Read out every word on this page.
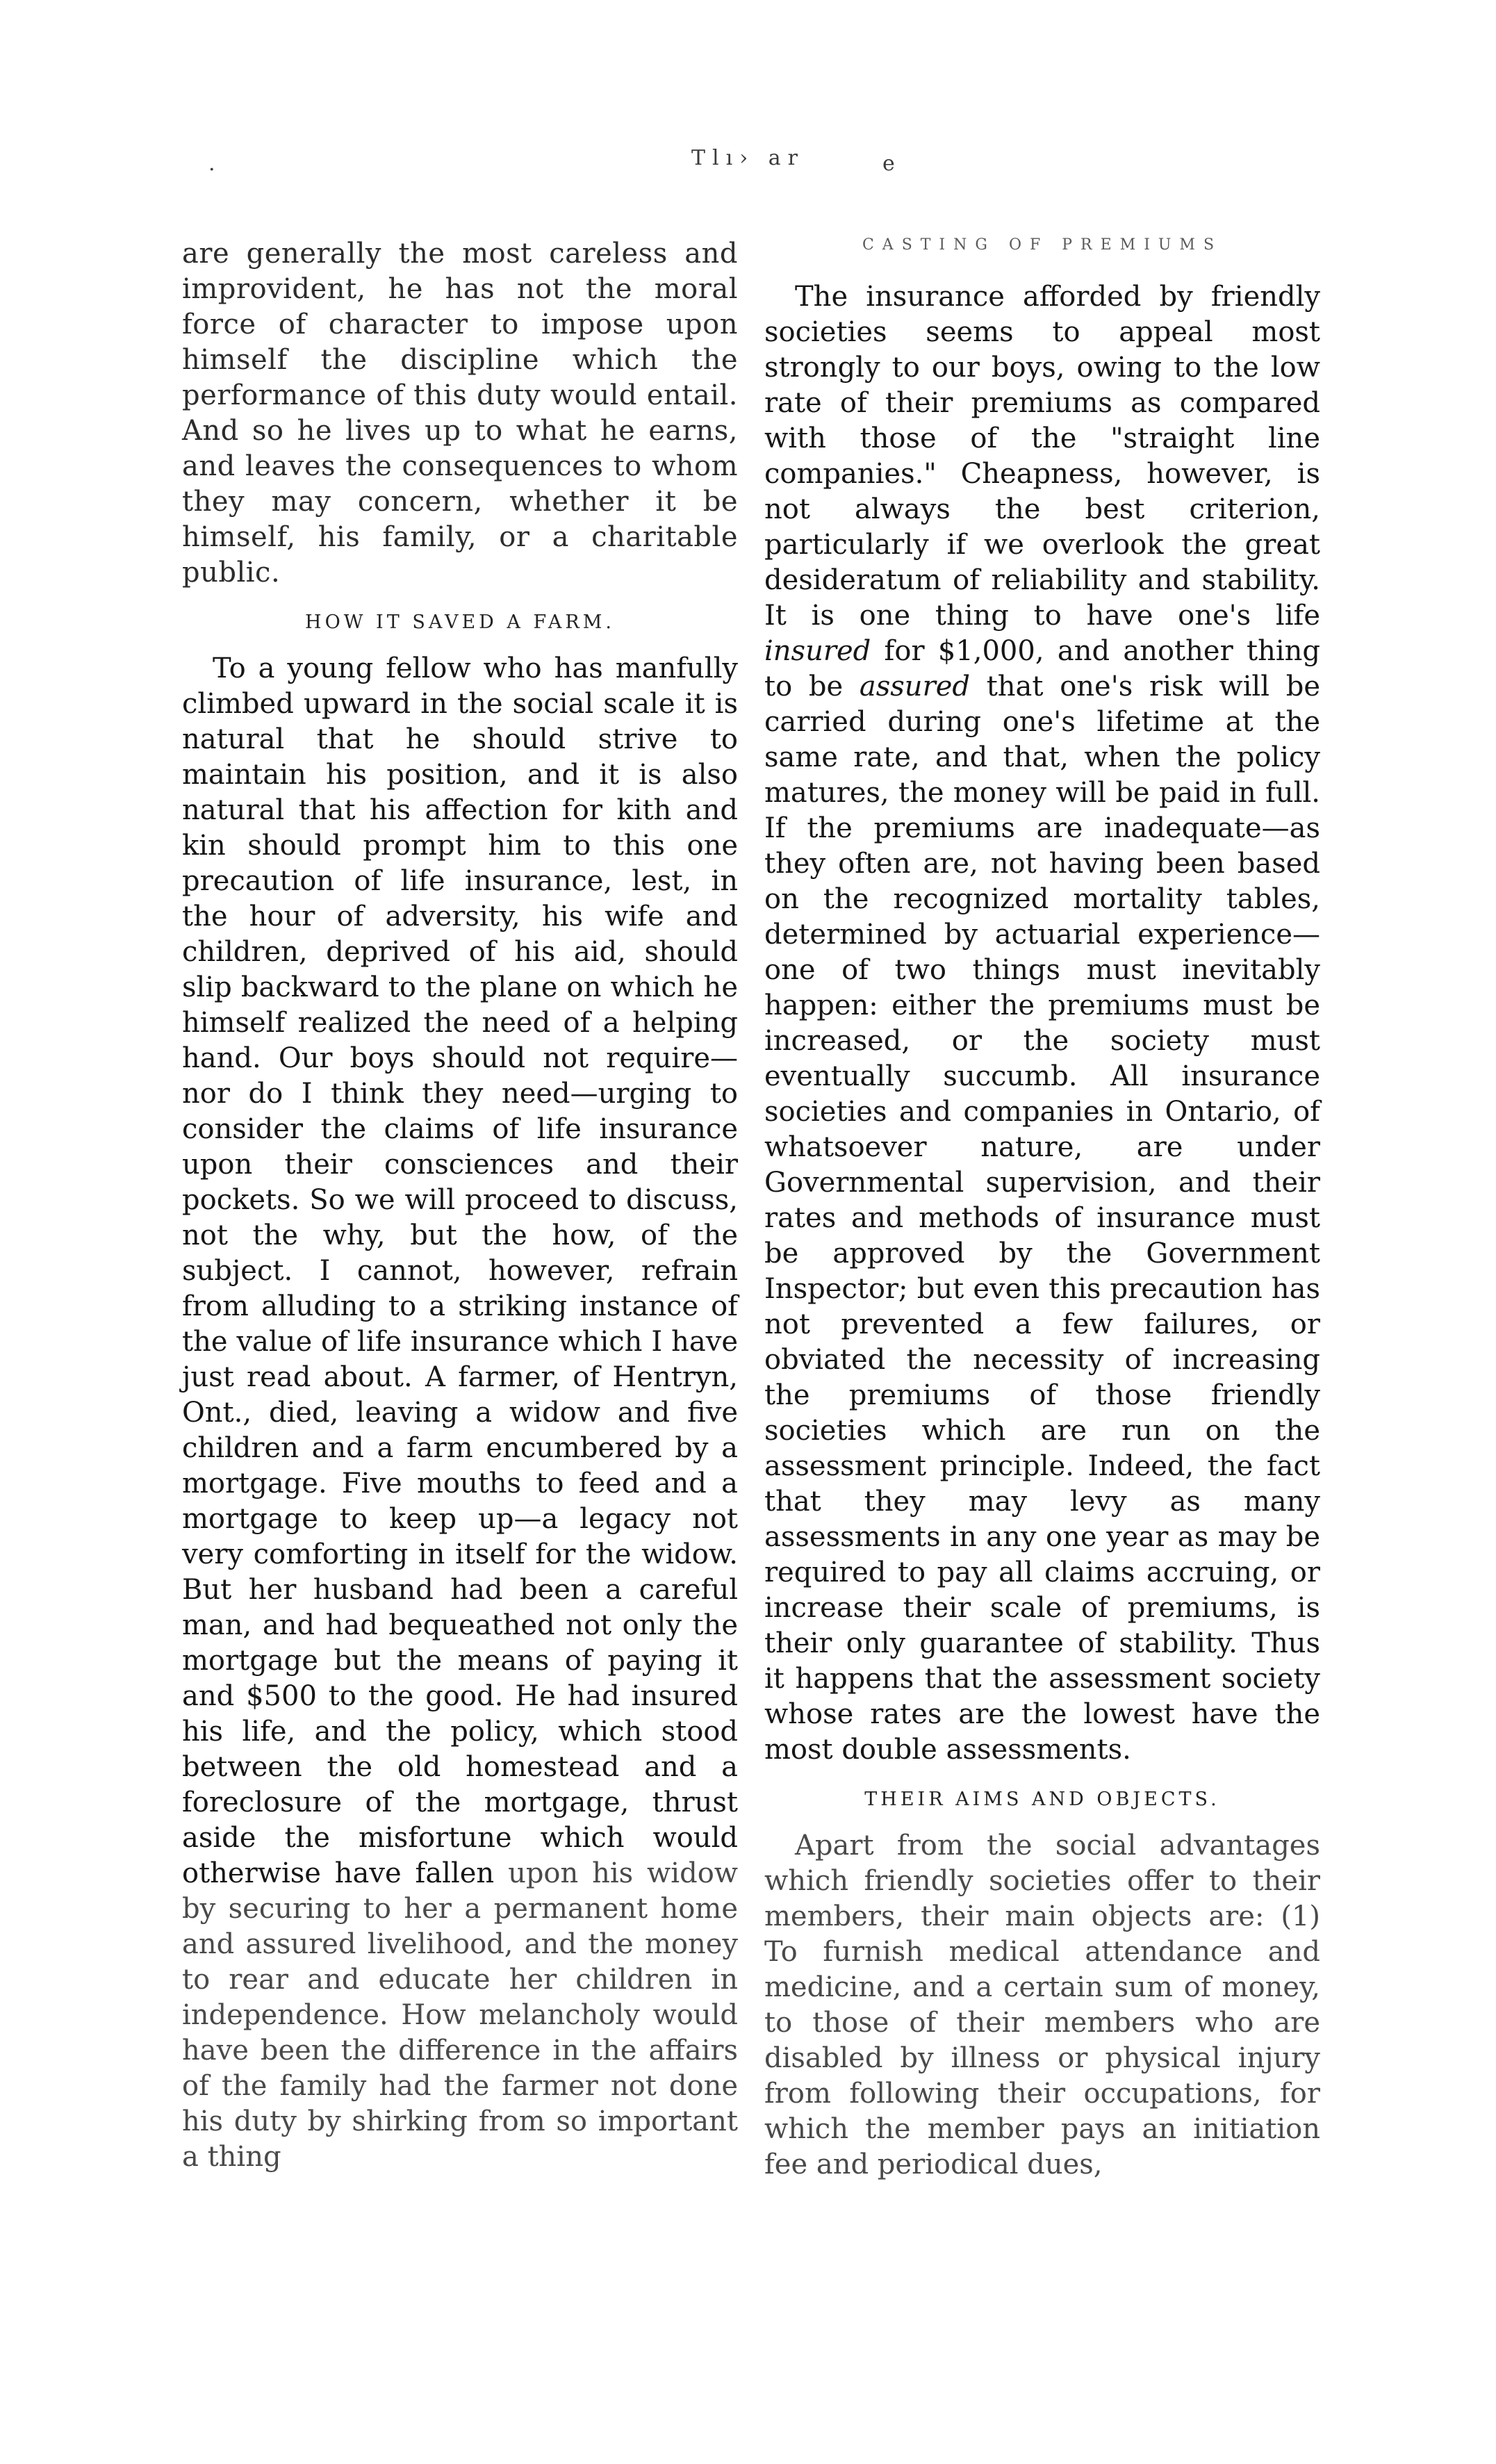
.	Tlı› ar	e

are generally the most careless and improvident, he has not the moral force of character to impose upon himself the discipline which the performance of this duty would entail. And so he lives up to what he earns, and leaves the consequences to whom they may concern, whether it be himself, his family, or a charitable public.

HOW IT SAVED A FARM.

To a young fellow who has manfully climbed upward in the social scale it is natural that he should strive to maintain his position, and it is also natural that his affection for kith and kin should prompt him to this one precaution of life insurance, lest, in the hour of adversity, his wife and children, deprived of his aid, should slip backward to the plane on which he himself realized the need of a helping hand. Our boys should not require—nor do I think they need—urging to consider the claims of life insurance upon their consciences and their pockets. So we will proceed to discuss, not the why, but the how, of the subject. I cannot, however, refrain from alluding to a striking instance of the value of life insurance which I have just read about. A farmer, of Hentryn, Ont., died, leaving a widow and five children and a farm encumbered by a mortgage. Five mouths to feed and a mortgage to keep up—a legacy not very comforting in itself for the widow. But her husband had been a careful man, and had bequeathed not only the mortgage but the means of paying it and $500 to the good. He had insured his life, and the policy, which stood between the old homestead and a foreclosure of the mortgage, thrust aside the misfortune which would otherwise have fallen upon his widow by securing to her a permanent home and assured livelihood, and the money to rear and educate her children in independence. How melancholy would have been the difference in the affairs of the family had the farmer not done his duty by shirking from so important a thing

CASTING OF PREMIUMS

The insurance afforded by friendly societies seems to appeal most strongly to our boys, owing to the low rate of their premiums as compared with those of the "straight line companies." Cheapness, however, is not always the best criterion, particularly if we overlook the great desideratum of reliability and stability. It is one thing to have one's life insured for $1,000, and another thing to be assured that one's risk will be carried during one's lifetime at the same rate, and that, when the policy matures, the money will be paid in full. If the premiums are inadequate—as they often are, not having been based on the recognized mortality tables, determined by actuarial experience—one of two things must inevitably happen: either the premiums must be increased, or the society must eventually succumb. All insurance societies and companies in Ontario, of whatsoever nature, are under Governmental supervision, and their rates and methods of insurance must be approved by the Government Inspector; but even this precaution has not prevented a few failures, or obviated the necessity of increasing the premiums of those friendly societies which are run on the assessment principle. Indeed, the fact that they may levy as many assessments in any one year as may be required to pay all claims accruing, or increase their scale of premiums, is their only guarantee of stability. Thus it happens that the assessment society whose rates are the lowest have the most double assessments.

THEIR AIMS AND OBJECTS.

Apart from the social advantages which friendly societies offer to their members, their main objects are: (1) To furnish medical attendance and medicine, and a certain sum of money, to those of their members who are disabled by illness or physical injury from following their occupations, for which the member pays an initiation fee and periodical dues,
